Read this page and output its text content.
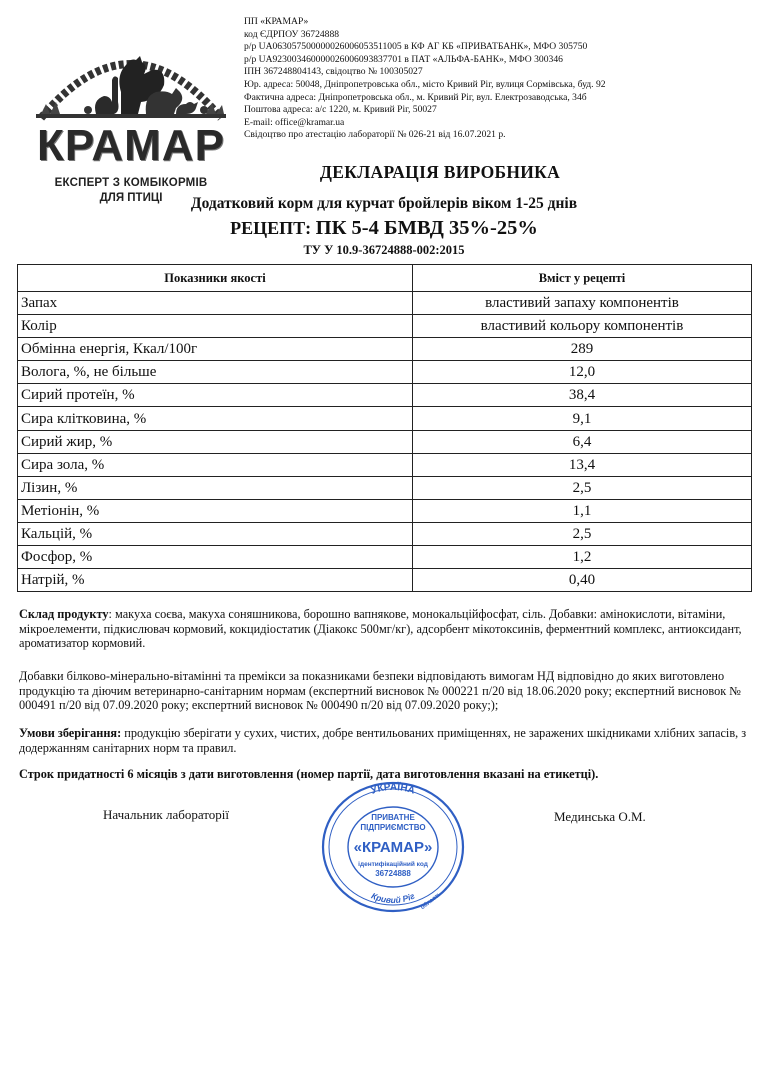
КРАМАР
ЕКСПЕРТ З КОМБІКОРМІВ
ДЛЯ ПТИЦІ
ПП «КРАМАР»
код ЄДРПОУ 36724888
р/р UA063057500000026006053511005 в КФ АГ КБ «ПРИВАТБАНК», МФО 305750
р/р UA923003460000026006093837701 в ПАТ «АЛЬФА-БАНК», МФО 300346
ІПН 367248804143, свідоцтво № 100305027
Юр. адреса: 50048, Дніпропетровська обл., місто Кривий Ріг, вулиця Сормівська, буд. 92
Фактична адреса: Дніпропетровська обл., м. Кривий Ріг, вул. Електрозаводська, 34б
Поштова адреса: а/с 1220, м. Кривий Ріг, 50027
E-mail: office@kramar.ua
Свідоцтво про атестацію лабораторії № 026-21 від 16.07.2021 р.
ДЕКЛАРАЦІЯ ВИРОБНИКА
Додатковий корм для курчат бройлерів віком 1-25 днів
РЕЦЕПТ: ПК 5-4 БМВД 35%-25%
ТУ У 10.9-36724888-002:2015
Показники якості	Вміст у рецепті
Запах	властивий запаху компонентів
Колір	властивий кольору компонентів
Обмінна енергія, Ккал/100г	289
Волога, %, не більше	12,0
Сирий протеїн, %	38,4
Сира клітковина, %	9,1
Сирий жир, %	6,4
Сира зола, %	13,4
Лізин, %	2,5
Метіонін, %	1,1
Кальцій, %	2,5
Фосфор, %	1,2
Натрій, %	0,40
Склад продукту: макуха соєва, макуха соняшникова, борошно вапнякове, монокальційфосфат, сіль. Добавки: амінокислоти, вітаміни, мікроелементи, підкислювач кормовий, кокцидіостатик (Діакокс 500мг/кг), адсорбент мікотоксинів, ферментний комплекс, антиоксидант, ароматизатор кормовий.
Добавки білково-мінерально-вітамінні та премікси за показниками безпеки відповідають вимогам НД відповідно до яких виготовлено продукцію та діючим ветеринарно-санітарним нормам (експертний висновок № 000221 п/20 від 18.06.2020 року; експертний висновок № 000491 п/20 від 07.09.2020 року; експертний висновок № 000490 п/20 від 07.09.2020 року;);
Умови зберігання: продукцію зберігати у сухих, чистих, добре вентильованих приміщеннях, не заражених шкідниками хлібних запасів, з додержанням санітарних норм та правил.
Строк придатності 6 місяців з дати виготовлення (номер партії, дата виготовлення вказані на етикетці).
Начальник лабораторії	Мединська О.М.
УКРАЇНА
Кривий Ріг
ПРИВАТНЕ
ПІДПРИЄМСТВО
«КРАМАР»
ідентифікаційний код
36724888
область
